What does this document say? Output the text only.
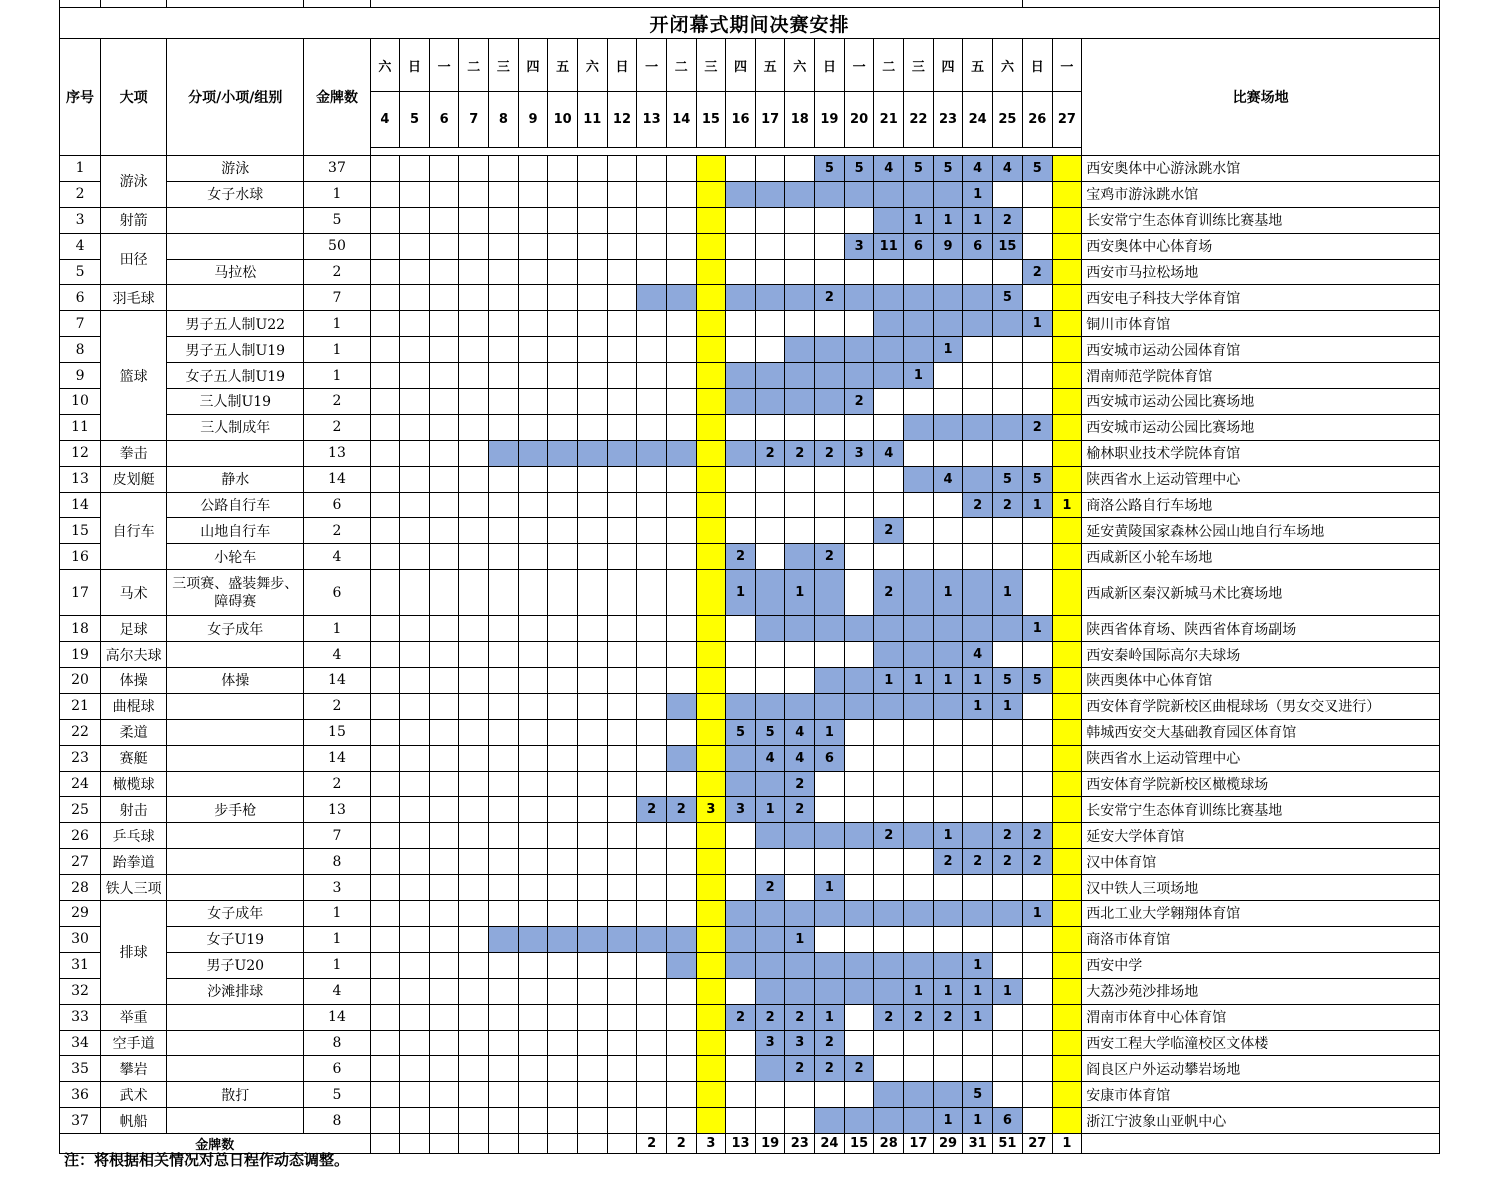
开闭幕式期间决赛安排																												
序号	大项	分项/小项/组别	金牌数	六	日	一	二	三	四	五	六	日	一	二	三	四	五	六	日	一	二	三	四	五	六	日	一	比赛场地
				4	5	6	7	8	9	10	11	12	13	14	15	16	17	18	19	20	21	22	23	24	25	26	27	

1	游泳	游泳	37																5	5	4	5	5	4	4	5		西安奥体中心游泳跳水馆
2		女子水球	1																					1				宝鸡市游泳跳水馆
3	射箭		5																			1	1	1	2			长安常宁生态体育训练比赛基地
4	田径		50																	3	11	6	9	6	15			西安奥体中心体育场
5		马拉松	2																							2		西安市马拉松场地
6	羽毛球		7																2						5			西安电子科技大学体育馆
7	篮球	男子五人制U22	1																							1		铜川市体育馆
8		男子五人制U19	1																				1					西安城市运动公园体育馆
9		女子五人制U19	1																			1						渭南师范学院体育馆
10		三人制U19	2																	2								西安城市运动公园比赛场地
11		三人制成年	2																							2		西安城市运动公园比赛场地
12	拳击		13														2	2	2	3	4							榆林职业技术学院体育馆
13	皮划艇	静水	14																				4		5	5		陕西省水上运动管理中心
14	自行车	公路自行车	6																					2	2	1	1	商洛公路自行车场地
15		山地自行车	2																		2							延安黄陵国家森林公园山地自行车场地
16		小轮车	4													2			2									西咸新区小轮车场地
17	马术	三项赛、盛装舞步、障碍赛	6													1		1			2		1		1			西咸新区秦汉新城马术比赛场地
18	足球	女子成年	1																							1		陕西省体育场、陕西省体育场副场
19	高尔夫球		4																					4				西安秦岭国际高尔夫球场
20	体操	体操	14																		1	1	1	1	5	5		陕西奥体中心体育馆
21	曲棍球		2																					1	1			西安体育学院新校区曲棍球场（男女交叉进行）
22	柔道		15													5	5	4	1									韩城西安交大基础教育园区体育馆
23	赛艇		14														4	4	6									陕西省水上运动管理中心
24	橄榄球		2															2										西安体育学院新校区橄榄球场
25	射击	步手枪	13										2	2	3	3	1	2										长安常宁生态体育训练比赛基地
26	乒乓球		7																		2		1		2	2		延安大学体育馆
27	跆拳道		8																				2	2	2	2		汉中体育馆
28	铁人三项		3														2		1									汉中铁人三项场地
29	排球	女子成年	1																							1		西北工业大学翱翔体育馆
30		女子U19	1															1										商洛市体育馆
31		男子U20	1																					1				西安中学
32		沙滩排球	4																			1	1	1	1			大荔沙苑沙排场地
33	举重		14													2	2	2	1		2	2	2	1				渭南市体育中心体育馆
34	空手道		8														3	3	2									西安工程大学临潼校区文体楼
35	攀岩		6															2	2	2								阎良区户外运动攀岩场地
36	武术	散打	5																					5				安康市体育馆
37	帆船		8																				1	1	6			浙江宁波象山亚帆中心
金牌数													2	2	3	13	19	23	24	15	28	17	29	31	51	27	1	
注：将根据相关情况对总日程作动态调整。
